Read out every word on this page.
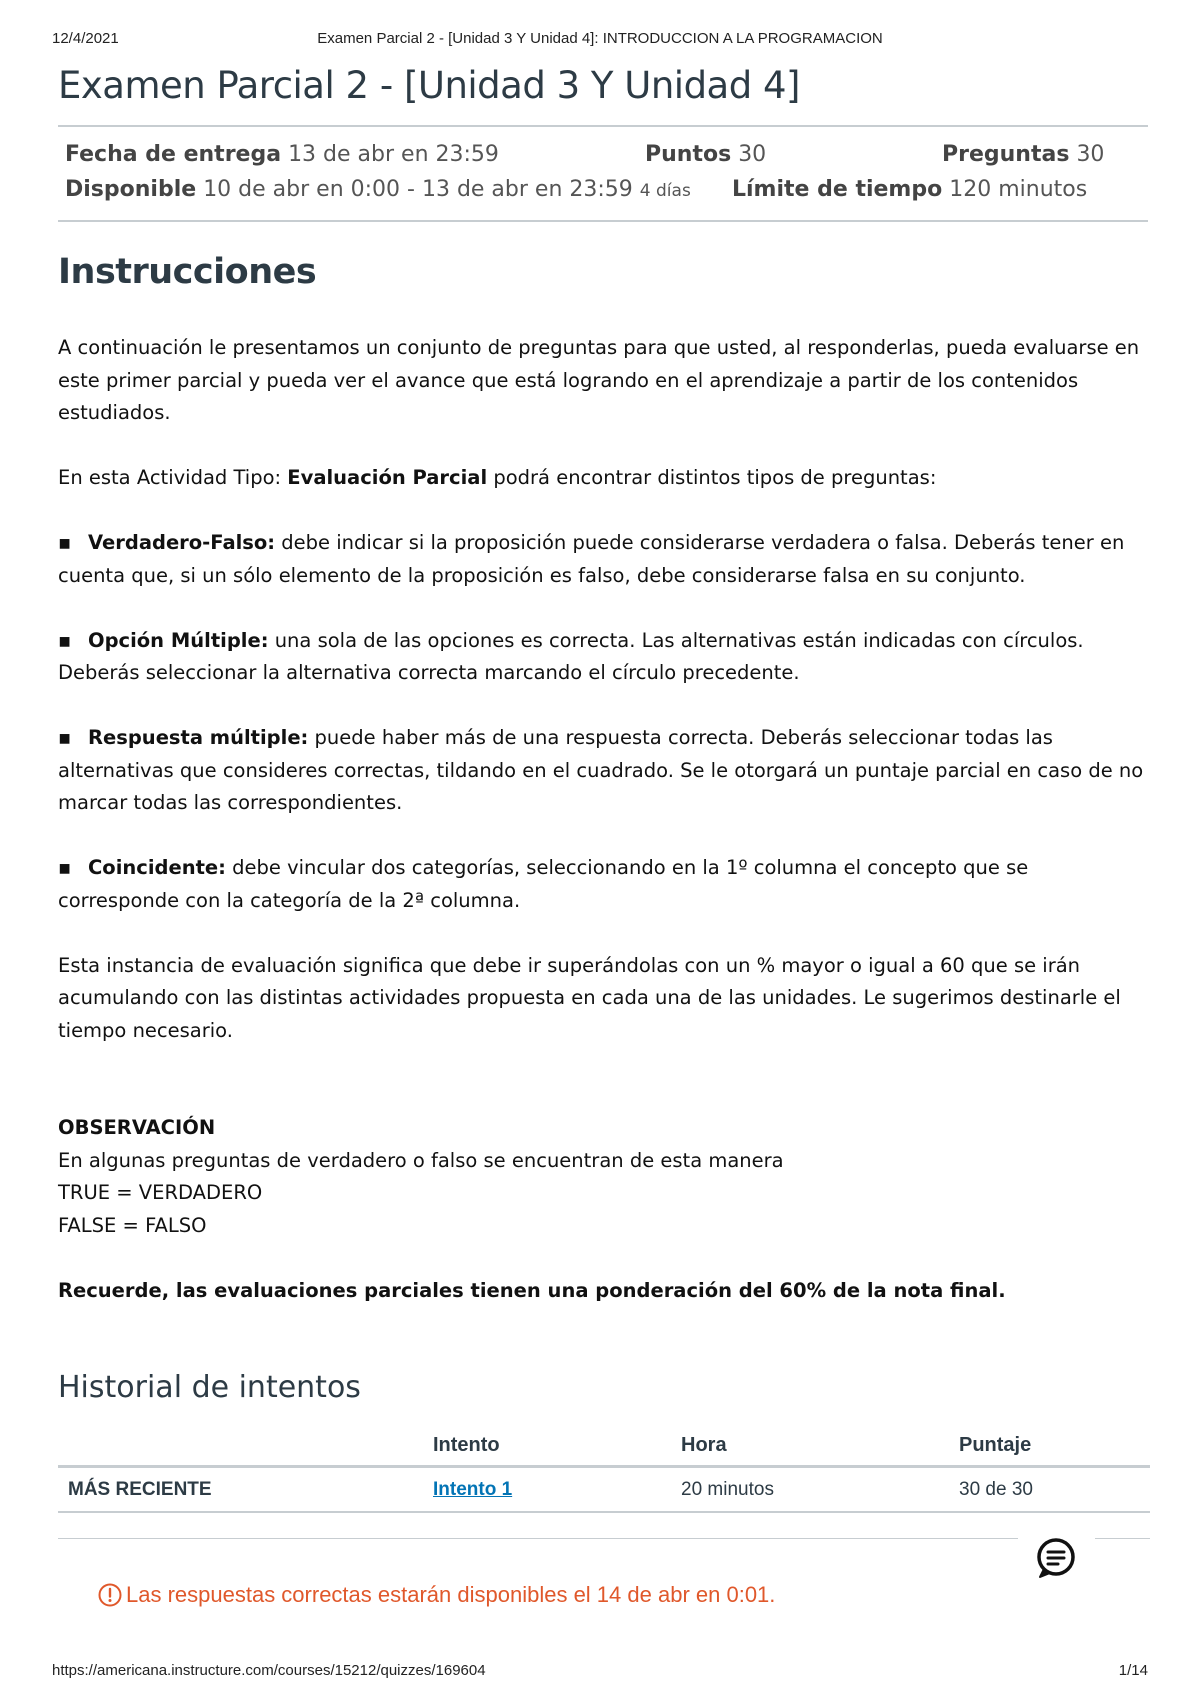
12/4/2021	Examen Parcial 2 - [Unidad 3 Y Unidad 4]: INTRODUCCION A LA PROGRAMACION
Examen Parcial 2 - [Unidad 3 Y Unidad 4]
Fecha de entrega 13 de abr en 23:59	Puntos 30	Preguntas 30
Disponible 10 de abr en 0:00 - 13 de abr en 23:59 4 días Límite de tiempo 120 minutos
Instrucciones

A continuación le presentamos un conjunto de preguntas para que usted, al responderlas, pueda evaluarse en este primer parcial y pueda ver el avance que está logrando en el aprendizaje a partir de los contenidos estudiados.

En esta Actividad Tipo: Evaluación Parcial podrá encontrar distintos tipos de preguntas:

▪ Verdadero-Falso: debe indicar si la proposición puede considerarse verdadera o falsa. Deberás tener en cuenta que, si un sólo elemento de la proposición es falso, debe considerarse falsa en su conjunto.

▪ Opción Múltiple: una sola de las opciones es correcta. Las alternativas están indicadas con círculos. Deberás seleccionar la alternativa correcta marcando el círculo precedente.

▪ Respuesta múltiple: puede haber más de una respuesta correcta. Deberás seleccionar todas las alternativas que consideres correctas, tildando en el cuadrado. Se le otorgará un puntaje parcial en caso de no marcar todas las correspondientes.

▪ Coincidente: debe vincular dos categorías, seleccionando en la 1º columna el concepto que se corresponde con la categoría de la 2ª columna.

Esta instancia de evaluación significa que debe ir superándolas con un % mayor o igual a 60 que se irán acumulando con las distintas actividades propuesta en cada una de las unidades. Le sugerimos destinarle el tiempo necesario.

OBSERVACIÓN

En algunas preguntas de verdadero o falso se encuentran de esta manera

TRUE = VERDADERO

FALSE = FALSO

Recuerde, las evaluaciones parciales tienen una ponderación del 60% de la nota final.

Historial de intentos
	Intento	Hora	Puntaje
MÁS RECIENTE	Intento 1	20 minutos	30 de 30
Las respuestas correctas estarán disponibles el 14 de abr en 0:01.
https://americana.instructure.com/courses/15212/quizzes/169604	1/14
